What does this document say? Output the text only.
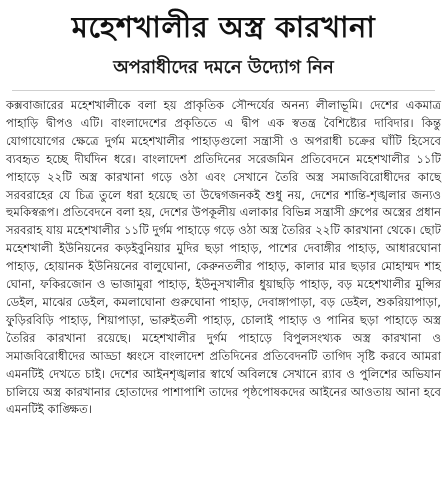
মহেশখালীর অস্ত্র কারখানা
অপরাধীদের দমনে উদ্যোগ নিন

কক্সবাজারের মহেশখালীকে বলা হয় প্রাকৃতিক সৌন্দর্যের অনন্য লীলাভূমি। দেশের একমাত্র পাহাড়ি দ্বীপও এটি। বাংলাদেশের প্রকৃতিতে এ দ্বীপ এক স্বতন্ত্র বৈশিষ্ট্যের দাবিদার। কিন্তু যোগাযোগের ক্ষেত্রে দুর্গম মহেশখালীর পাহাড়গুলো সন্ত্রাসী ও অপরাধী চক্রের ঘাঁটি হিসেবে ব্যবহৃত হচ্ছে দীর্ঘদিন ধরে। বাংলাদেশ প্রতিদিনের সরেজমিন প্রতিবেদনে মহেশখালীর ১১টি পাহাড়ে ২২টি অস্ত্র কারখানা গড়ে ওঠা এবং সেখানে তৈরি অস্ত্র সমাজবিরোধীদের কাছে সরবরাহের যে চিত্র তুলে ধরা হয়েছে তা উদ্বেগজনকই শুধু নয়, দেশের শান্তি-শৃঙ্খলার জন্যও হুমকিস্বরূপ। প্রতিবেদনে বলা হয়, দেশের উপকূলীয় এলাকার বিভিন্ন সন্ত্রাসী গ্রুপের অস্ত্রের প্রধান সরবরাহ যায় মহেশখালীর ১১টি দুর্গম পাহাড়ে গড়ে ওঠা অস্ত্র তৈরির ২২টি কারখানা থেকে। ছোট মহেশখালী ইউনিয়নের কড়ইবুনিয়ার মুদির ছড়া পাহাড়, পাশের দেবাঙ্গীর পাহাড়, আধারঘোনা পাহাড়, হোয়ানক ইউনিয়নের বালুঘোনা, কেরুনতলীর পাহাড়, কালার মার ছড়ার মোহাম্মদ শাহ ঘোনা, ফকিরজোন ও ভাজামুরা পাহাড়, ইউনুসখালীর ধুয়াছড়ি পাহাড়, বড় মহেশখালীর মুন্সির ডেইল, মাঝের ডেইল, কমলাঘোনা গুরুঘোনা পাহাড়, দেবাঙ্গাপাড়া, বড় ডেইল, শুকরিয়াপাড়া, ফুড়িরবিড়ি পাহাড়, শিয়াপাড়া, ভারুইতলী পাহাড়, চোলাই পাহাড় ও পানির ছড়া পাহাড়ে অস্ত্র তৈরির কারখানা রয়েছে। মহেশখালীর দুর্গম পাহাড়ে বিপুলসংখ্যক অস্ত্র কারখানা ও সমাজবিরোধীদের আড্ডা ধ্বংসে বাংলাদেশ প্রতিদিনের প্রতিবেদনটি তাগিদ সৃষ্টি করবে আমরা এমনটিই দেখতে চাই। দেশের আইনশৃঙ্খলার স্বার্থে অবিলম্বে সেখানে র‌্যাব ও পুলিশের অভিযান চালিয়ে অস্ত্র কারখানার হোতাদের পাশাপাশি তাদের পৃষ্ঠপোষকদের আইনের আওতায় আনা হবে এমনটিই কাঙ্ক্ষিত।
